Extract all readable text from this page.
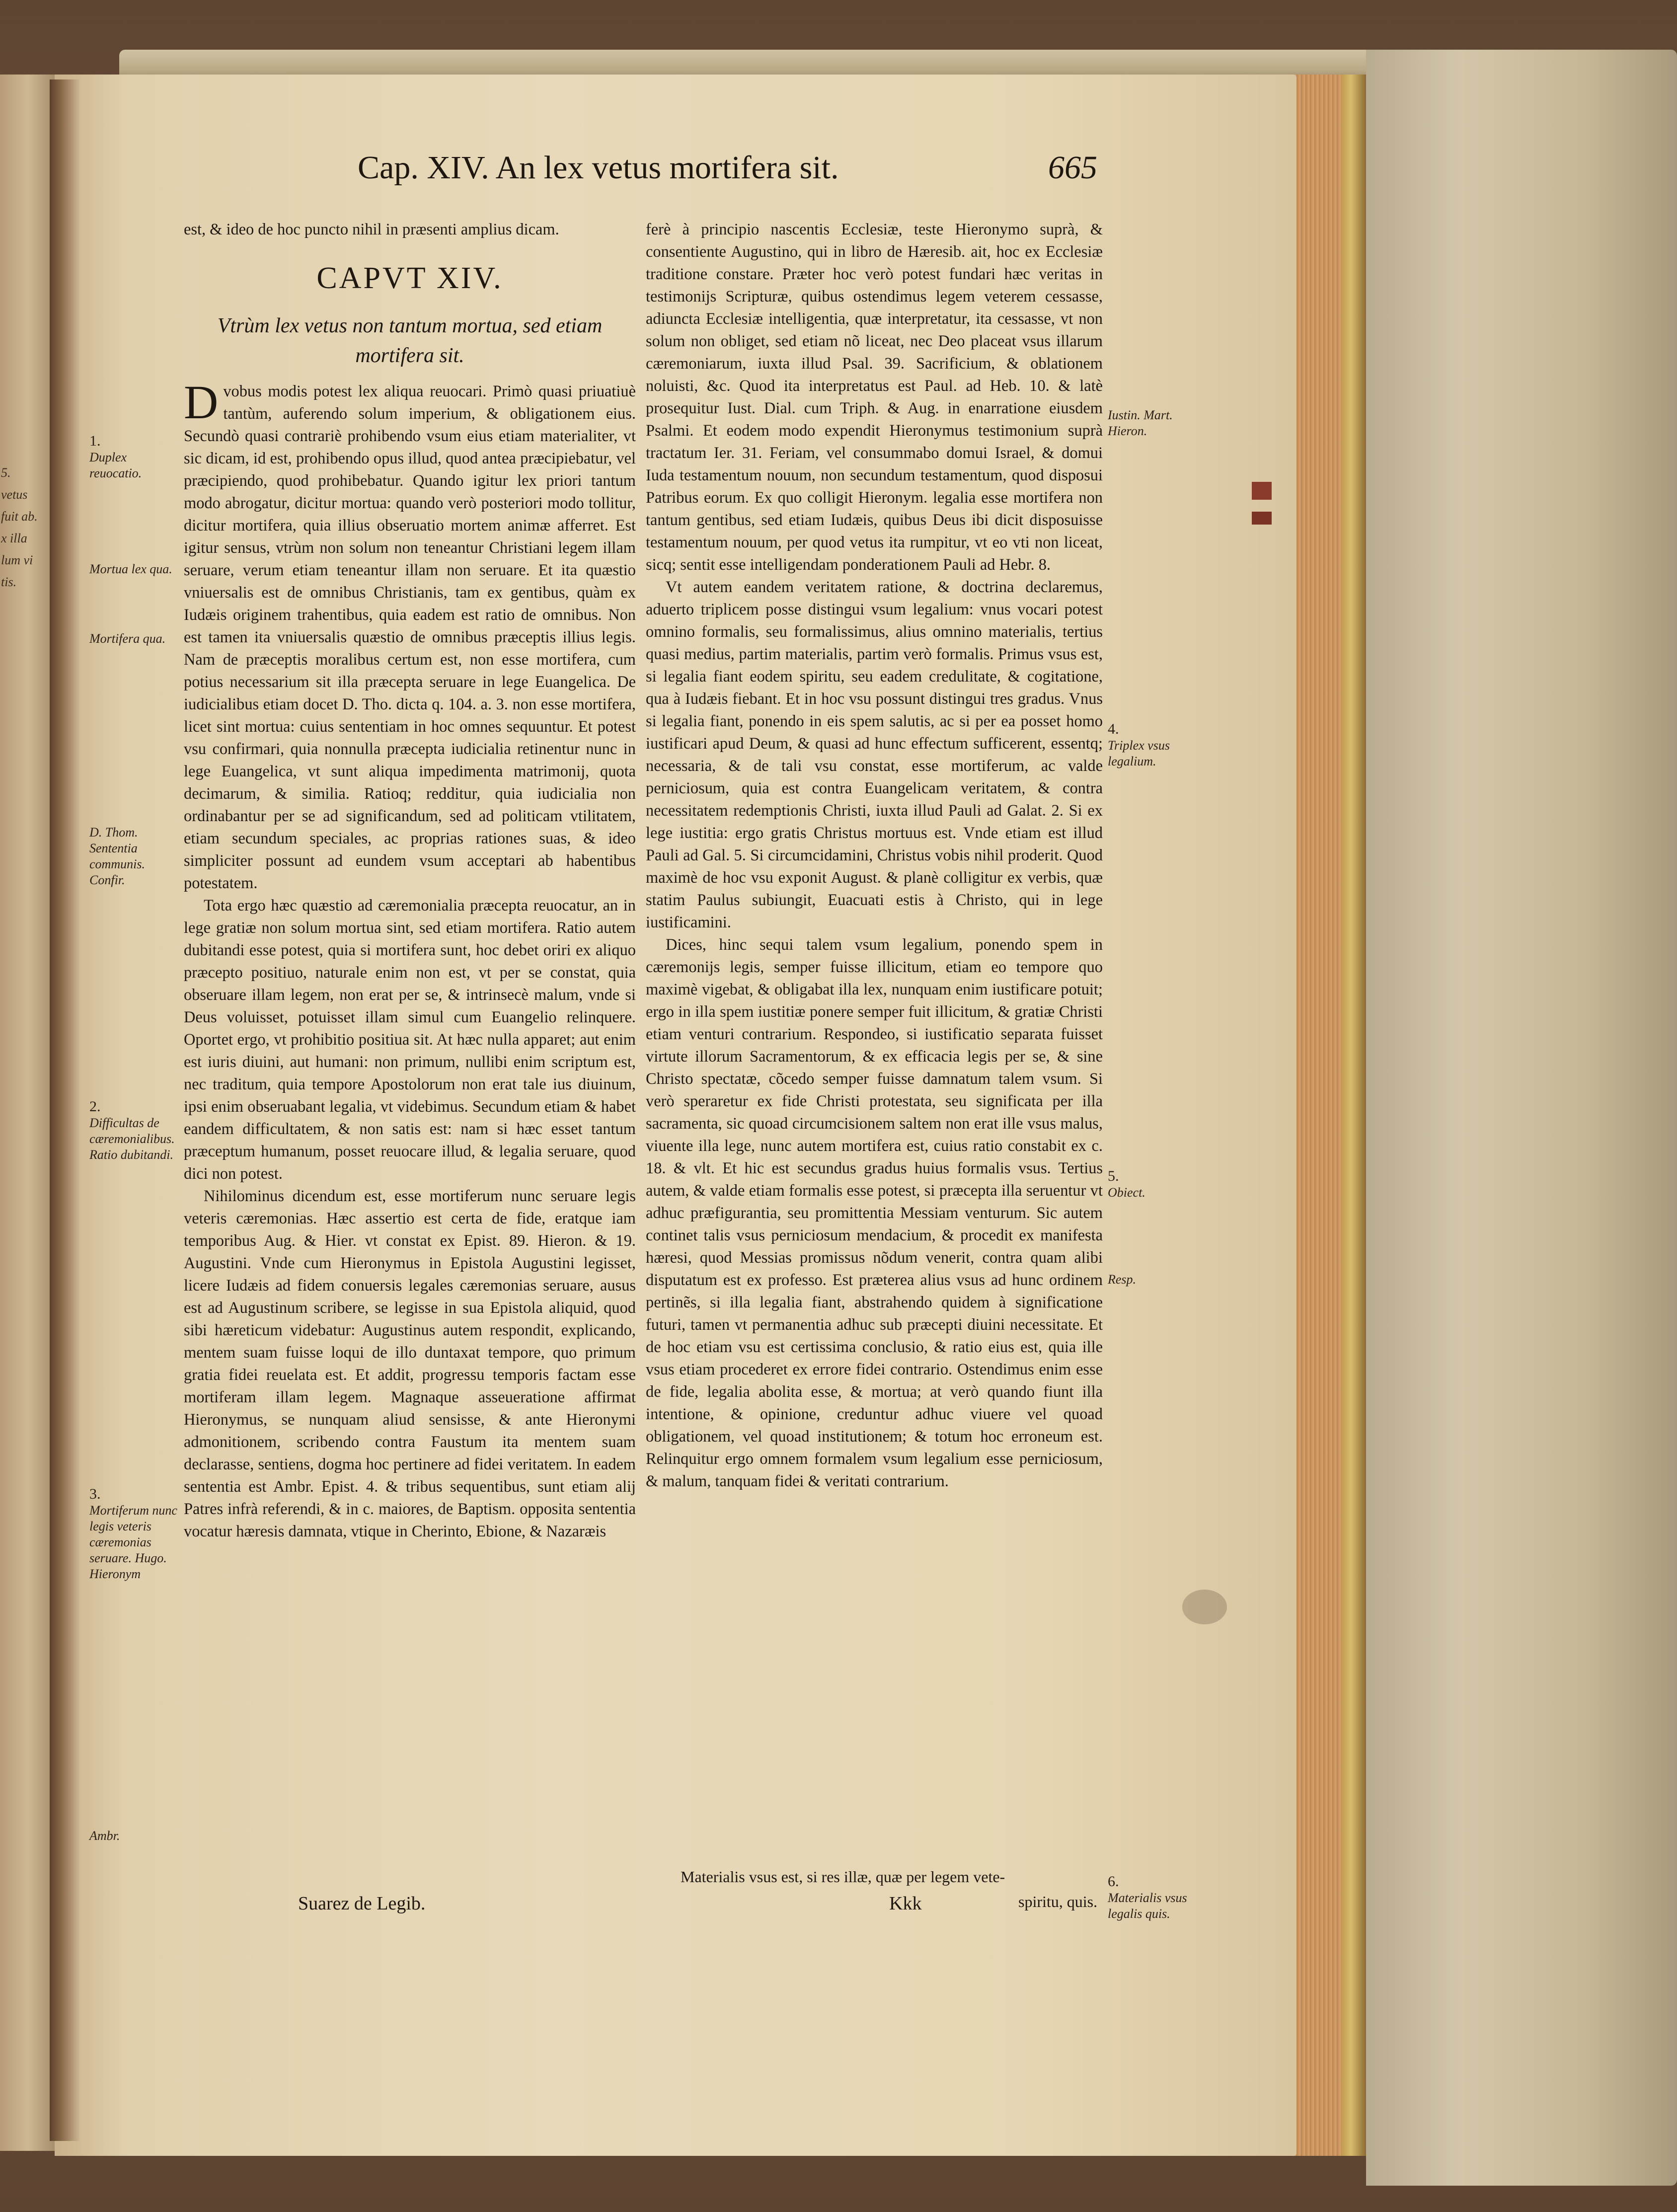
5.
vetus
fuit ab.
x illa
lum vi
tis.
Cap. XIV. An lex vetus mortifera sit.	665

est, & ideo de hoc puncto nihil in præsenti amplius dicam.

CAPVT XIV.
Vtrùm lex vetus non tantum mortua, sed etiam mortifera sit.

Dvobus modis potest lex aliqua reuocari. Primò quasi priuatiuè tantùm, auferendo solum imperium, & obligationem eius. Secundò quasi contrariè prohibendo vsum eius etiam materialiter, vt sic dicam, id est, prohibendo opus illud, quod antea præcipiebatur, vel præcipiendo, quod prohibebatur. Quando igitur lex priori tantum modo abrogatur, dicitur mortua: quando verò posteriori modo tollitur, dicitur mortifera, quia illius obseruatio mortem animæ afferret. Est igitur sensus, vtrùm non solum non teneantur Christiani legem illam seruare, verum etiam teneantur illam non seruare. Et ita quæstio vniuersalis est de omnibus Christianis, tam ex gentibus, quàm ex Iudæis originem trahentibus, quia eadem est ratio de omnibus. Non est tamen ita vniuersalis quæstio de omnibus præceptis illius legis. Nam de præceptis moralibus certum est, non esse mortifera, cum potius necessarium sit illa præcepta seruare in lege Euangelica. De iudicialibus etiam docet D. Tho. dicta q. 104. a. 3. non esse mortifera, licet sint mortua: cuius sententiam in hoc omnes sequuntur. Et potest vsu confirmari, quia nonnulla præcepta iudicialia retinentur nunc in lege Euangelica, vt sunt aliqua impedimenta matrimonij, quota decimarum, & similia. Ratioq; redditur, quia iudicialia non ordinabantur per se ad significandum, sed ad politicam vtilitatem, etiam secundum speciales, ac proprias rationes suas, & ideo simpliciter possunt ad eundem vsum acceptari ab habentibus potestatem.

Tota ergo hæc quæstio ad cæremonialia præcepta reuocatur, an in lege gratiæ non solum mortua sint, sed etiam mortifera. Ratio autem dubitandi esse potest, quia si mortifera sunt, hoc debet oriri ex aliquo præcepto positiuo, naturale enim non est, vt per se constat, quia obseruare illam legem, non erat per se, & intrinsecè malum, vnde si Deus voluisset, potuisset illam simul cum Euangelio relinquere. Oportet ergo, vt prohibitio positiua sit. At hæc nulla apparet; aut enim est iuris diuini, aut humani: non primum, nullibi enim scriptum est, nec traditum, quia tempore Apostolorum non erat tale ius diuinum, ipsi enim obseruabant legalia, vt videbimus. Secundum etiam & habet eandem difficultatem, & non satis est: nam si hæc esset tantum præceptum humanum, posset reuocare illud, & legalia seruare, quod dici non potest.

Nihilominus dicendum est, esse mortiferum nunc seruare legis veteris cæremonias. Hæc assertio est certa de fide, eratque iam temporibus Aug. & Hier. vt constat ex Epist. 89. Hieron. & 19. Augustini. Vnde cum Hieronymus in Epistola Augustini legisset, licere Iudæis ad fidem conuersis legales cæremonias seruare, ausus est ad Augustinum scribere, se legisse in sua Epistola aliquid, quod sibi hæreticum videbatur: Augustinus autem respondit, explicando, mentem suam fuisse loqui de illo duntaxat tempore, quo primum gratia fidei reuelata est. Et addit, progressu temporis factam esse mortiferam illam legem. Magnaque asseueratione affirmat Hieronymus, se nunquam aliud sensisse, & ante Hieronymi admonitionem, scribendo contra Faustum ita mentem suam declarasse, sentiens, dogma hoc pertinere ad fidei veritatem. In eadem sententia est Ambr. Epist. 4. & tribus sequentibus, sunt etiam alij Patres infrà referendi, & in c. maiores, de Baptism. opposita sententia vocatur hæresis damnata, vtique in Cherinto, Ebione, & Nazaræis

ferè à principio nascentis Ecclesiæ, teste Hieronymo suprà, & consentiente Augustino, qui in libro de Hæresib. ait, hoc ex Ecclesiæ traditione constare. Præter hoc verò potest fundari hæc veritas in testimonijs Scripturæ, quibus ostendimus legem veterem cessasse, adiuncta Ecclesiæ intelligentia, quæ interpretatur, ita cessasse, vt non solum non obliget, sed etiam nõ liceat, nec Deo placeat vsus illarum cæremoniarum, iuxta illud Psal. 39. Sacrificium, & oblationem noluisti, &c. Quod ita interpretatus est Paul. ad Heb. 10. & latè prosequitur Iust. Dial. cum Triph. & Aug. in enarratione eiusdem Psalmi. Et eodem modo expendit Hieronymus testimonium suprà tractatum Ier. 31. Feriam, vel consummabo domui Israel, & domui Iuda testamentum nouum, non secundum testamentum, quod disposui Patribus eorum. Ex quo colligit Hieronym. legalia esse mortifera non tantum gentibus, sed etiam Iudæis, quibus Deus ibi dicit disposuisse testamentum nouum, per quod vetus ita rumpitur, vt eo vti non liceat, sicq; sentit esse intelligendam ponderationem Pauli ad Hebr. 8.

Vt autem eandem veritatem ratione, & doctrina declaremus, aduerto triplicem posse distingui vsum legalium: vnus vocari potest omnino formalis, seu formalissimus, alius omnino materialis, tertius quasi medius, partim materialis, partim verò formalis. Primus vsus est, si legalia fiant eodem spiritu, seu eadem credulitate, & cogitatione, qua à Iudæis fiebant. Et in hoc vsu possunt distingui tres gradus. Vnus si legalia fiant, ponendo in eis spem salutis, ac si per ea posset homo iustificari apud Deum, & quasi ad hunc effectum sufficerent, essentq; necessaria, & de tali vsu constat, esse mortiferum, ac valde perniciosum, quia est contra Euangelicam veritatem, & contra necessitatem redemptionis Christi, iuxta illud Pauli ad Galat. 2. Si ex lege iustitia: ergo gratis Christus mortuus est. Vnde etiam est illud Pauli ad Gal. 5. Si circumcidamini, Christus vobis nihil proderit. Quod maximè de hoc vsu exponit August. & planè colligitur ex verbis, quæ statim Paulus subiungit, Euacuati estis à Christo, qui in lege iustificamini.

Dices, hinc sequi talem vsum legalium, ponendo spem in cæremonijs legis, semper fuisse illicitum, etiam eo tempore quo maximè vigebat, & obligabat illa lex, nunquam enim iustificare potuit; ergo in illa spem iustitiæ ponere semper fuit illicitum, & gratiæ Christi etiam venturi contrarium. Respondeo, si iustificatio separata fuisset virtute illorum Sacramentorum, & ex efficacia legis per se, & sine Christo spectatæ, cõcedo semper fuisse damnatum talem vsum. Si verò speraretur ex fide Christi protestata, seu significata per illa sacramenta, sic quoad circumcisionem saltem non erat ille vsus malus, viuente illa lege, nunc autem mortifera est, cuius ratio constabit ex c. 18. & vlt. Et hic est secundus gradus huius formalis vsus. Tertius autem, & valde etiam formalis esse potest, si præcepta illa seruentur vt adhuc præfigurantia, seu promittentia Messiam venturum. Sic autem continet talis vsus perniciosum mendacium, & procedit ex manifesta hæresi, quod Messias promissus nõdum venerit, contra quam alibi disputatum est ex professo. Est præterea alius vsus ad hunc ordinem pertinẽs, si illa legalia fiant, abstrahendo quidem à significatione futuri, tamen vt permanentia adhuc sub præcepti diuini necessitate. Et de hoc etiam vsu est certissima conclusio, & ratio eius est, quia ille vsus etiam procederet ex errore fidei contrario. Ostendimus enim esse de fide, legalia abolita esse, & mortua; at verò quando fiunt illa intentione, & opinione, creduntur adhuc viuere vel quoad obligationem, vel quoad institutionem; & totum hoc erroneum est. Relinquitur ergo omnem formalem vsum legalium esse perniciosum, & malum, tanquam fidei & veritati contrarium.

Materialis vsus est, si res illæ, quæ per legem vete-

1.
Duplex reuocatio.

Mortua lex qua.
Mortifera qua.
D. Thom. Sententia communis. Confir.

2.
Difficultas de cæremonialibus. Ratio dubitandi.

3.
Mortiferum nunc legis veteris cæremonias seruare. Hugo. Hieronym

Ambr.
Iustin. Mart. Hieron.

4.
Triplex vsus legalium.

5.
Obiect.

Resp.

6.
Materialis vsus legalis quis.

Suarez de Legib.	Kkk	spiritu, quis.
